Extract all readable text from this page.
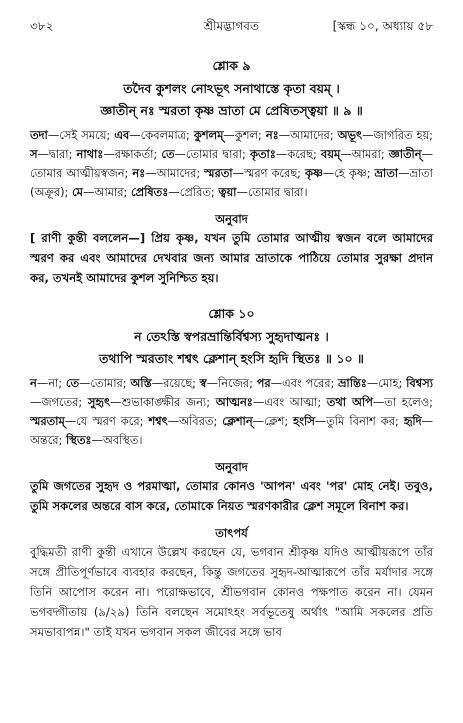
৩৮২	শ্রীমদ্ভাগবত	[স্কন্ধ ১০, অধ্যায় ৫৮
শ্লোক ৯
তদৈব কুশলং নোঽভূৎ সনাথাস্তে কৃতা বয়ম্ ।
জ্ঞাতীন্ নঃ স্মরতা কৃষ্ণ ভ্রাতা মে প্রেষিতস্ত্বয়া ॥ ৯ ॥
তদা—সেই সময়ে; এব—কেবলমাত্র; কুশলম্—কুশল; নঃ—আমাদের; অভূৎ—জাগরিত হয়; স—দ্বারা; নাথাঃ—রক্ষাকর্তা; তে—তোমার দ্বারা; কৃতাঃ—করেছ; বয়ম্—আমরা; জ্ঞাতীন্—তোমার আত্মীয়স্বজন; নঃ—আমাদের; স্মরতা—স্মরণ করেছ; কৃষ্ণ—হে কৃষ্ণ; ভ্রাতা—ভ্রাতা (অক্রূর); মে—আমার; প্রেষিতঃ—প্রেরিত; ত্বয়া—তোমার দ্বারা।
অনুবাদ
[ রাণী কুন্তী বললেন—] প্রিয় কৃষ্ণ, যখন তুমি তোমার আত্মীয় স্বজন বলে আমাদের স্মরণ কর এবং আমাদের দেখবার জন্য আমার ভ্রাতাকে পাঠিয়ে তোমার সুরক্ষা প্রদান কর, তখনই আমাদের কুশল সুনিশ্চিত হয়।
শ্লোক ১০
ন তেঽস্তি স্বপরভ্রান্তির্বিশ্বস্য সুহৃদাত্মনঃ ।
তথাপি স্মরতাং শশ্বৎ ক্লেশান্ হংসি হৃদি স্থিতঃ ॥ ১০ ॥
ন—না; তে—তোমার; অস্তি—রয়েছে; স্ব—নিজের; পর—এবং পরের; ভ্রান্তিঃ—মোহ; বিশ্বস্য—জগতের; সুহৃৎ—শুভাকাঙ্ক্ষীর জন্য; আত্মনঃ—এবং আত্মা; তথা অপি—তা হলেও; স্মরতাম্—যে স্মরণ করে; শশ্বৎ—অবিরত; ক্লেশান্—ক্লেশ; হংসি—তুমি বিনাশ কর; হৃদি—অন্তরে; স্থিতঃ—অবস্থিত।
অনুবাদ
তুমি জগতের সুহৃদ ও পরমাত্মা, তোমার কোনও 'আপন' এবং 'পর' মোহ নেই। তবুও, তুমি সকলের অন্তরে বাস করে, তোমাকে নিয়ত স্মরণকারীর ক্লেশ সমূলে বিনাশ কর।
তাৎপর্য
বুদ্ধিমতী রাণী কুন্তী এখানে উল্লেখ করছেন যে, ভগবান শ্রীকৃষ্ণ যদিও আত্মীয়রূপে তাঁর সঙ্গে প্রীতিপূর্ণভাবে ব্যবহার করছেন, কিন্তু জগতের সুহৃদ-আত্মারূপে তাঁর মর্যাদার সঙ্গে তিনি আপোস করেন না। পরোক্ষভাবে, শ্রীভগবান কোনও পক্ষপাত করেন না। যেমন ভগবদ্গীতায় (৯/২৯) তিনি বলছেন সমোঽহং সর্বভূতেষু অর্থাৎ "আমি সকলের প্রতি সমভাবাপন্ন।" তাই যখন ভগবান সকল জীবের সঙ্গে ভাব
